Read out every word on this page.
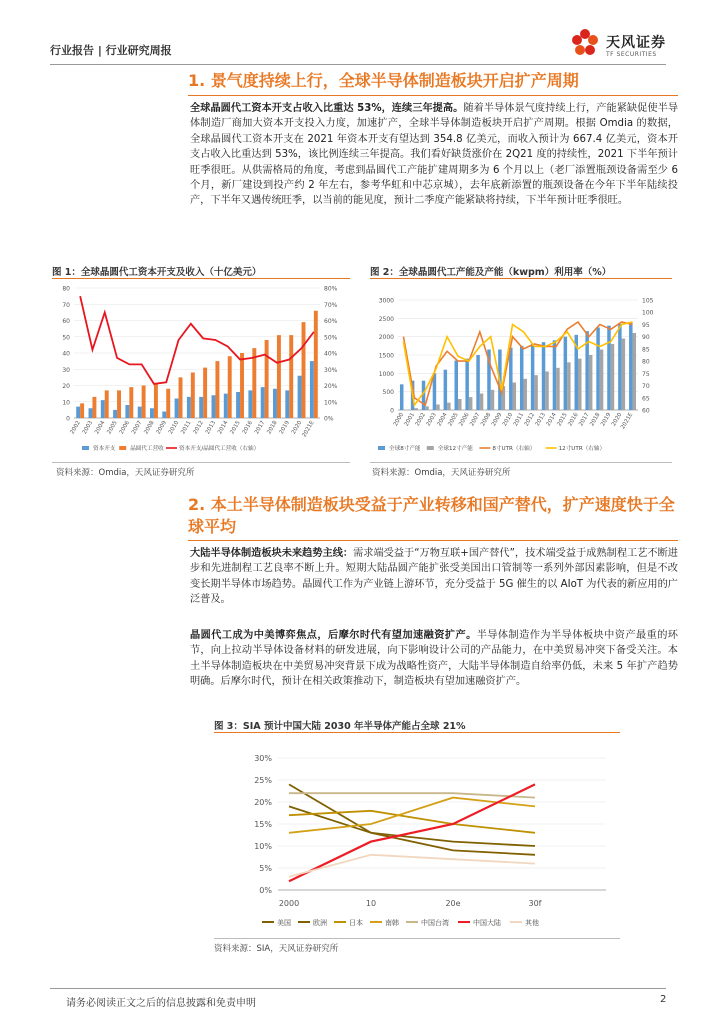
行业报告 | 行业研究周报	天风证券
TF SECURITIES
1. 景气度持续上行，全球半导体制造板块开启扩产周期
全球晶圆代工资本开支占收入比重达 53%，连续三年提高。随着半导体景气度持续上行，产能紧缺促使半导体制造厂商加大资本开支投入力度，加速扩产，全球半导体制造板块开启扩产周期。根据 Omdia 的数据，全球晶圆代工资本开支在 2021 年资本开支有望达到 354.8 亿美元，而收入预计为 667.4 亿美元，资本开支占收入比重达到 53%，该比例连续三年提高。我们看好缺货涨价在 2Q21 度的持续性，2021 下半年预计旺季很旺。从供需格局的角度，考虑到晶圆代工产能扩建周期多为 6 个月以上（老厂添置瓶颈设备需至少 6 个月，新厂建设到投产约 2 年左右，参考华虹和中芯京城），去年底新添置的瓶颈设备在今年下半年陆续投产，下半年又遇传统旺季，以当前的能见度，预计二季度产能紧缺将持续，下半年预计旺季很旺。
图 1：全球晶圆代工资本开支及收入（十亿美元）
0
10
20
30
40
50
60
70
80
0%
10%
20%
30%
40%
50%
60%
70%
80%
2002 2003 2004 2005 2006 2007 2008 2009 2010 2011 2012 2013 2014 2015 2016 2017 2018 2019 2020
2021E
资本开支	晶圆代工营收	资本开支/晶圆代工营收（右轴）
资料来源：Omdia，天风证券研究所
图 2：全球晶圆代工产能及产能（kwpm）利用率（%）
0
500
1000
1500
2000
2500
3000
60
65
70
75
80
85
90
95
100
105
2000
2001
2002
2003
2004
2005
2006
2007
2008
2009
2010
2011
2012
2013
2014
2015
2016
2017
2018
2019
2020
2021E
全球8寸产能	全球12寸产能	8寸UTR（右轴）	12寸UTR（右轴）
资料来源：Omdia，天风证券研究所
2. 本土半导体制造板块受益于产业转移和国产替代，扩产速度快于全球平均
大陆半导体制造板块未来趋势主线：需求端受益于“万物互联+国产替代”，技术端受益于成熟制程工艺不断进步和先进制程工艺良率不断上升。短期大陆晶圆产能扩张受美国出口管制等一系列外部因素影响，但是不改变长期半导体市场趋势。晶圆代工作为产业链上游环节，充分受益于 5G 催生的以 AIoT 为代表的新应用的广泛普及。
晶圆代工成为中美博弈焦点，后摩尔时代有望加速融资扩产。半导体制造作为半导体板块中资产最重的环节，向上拉动半导体设备材料的研发进展，向下影响设计公司的产品能力，在中美贸易冲突下备受关注。本土半导体制造板块在中美贸易冲突背景下成为战略性资产，大陆半导体制造自给率仍低，未来 5 年扩产趋势明确。后摩尔时代，预计在相关政策推动下，制造板块有望加速融资扩产。
图 3：SIA 预计中国大陆 2030 年半导体产能占全球 21%
0%
5%
10%
15%
20%
25%
30%
2000	10	20e	30f
美国	欧洲	日本	南韩	中国台湾	中国大陆	其他
资料来源：SIA，天风证券研究所
请务必阅读正文之后的信息披露和免责申明	2
